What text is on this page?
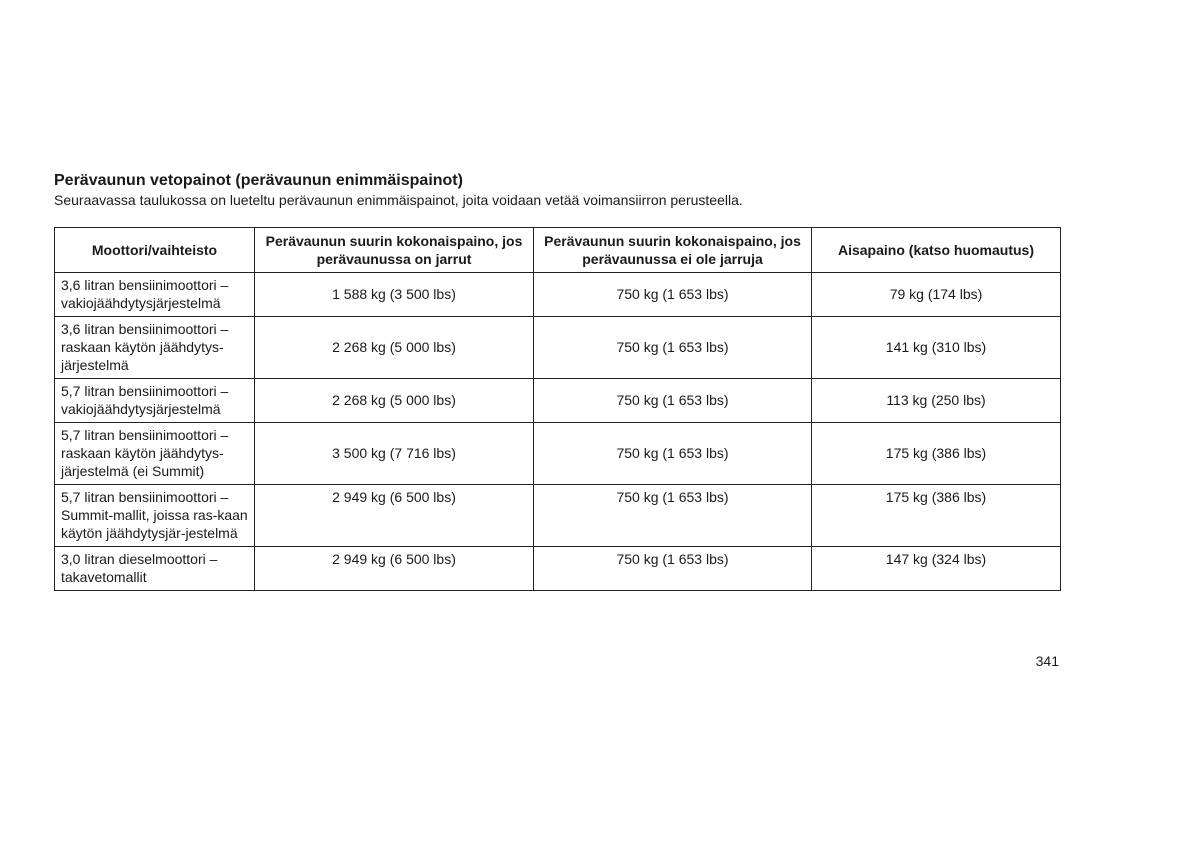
Perävaunun vetopainot (perävaunun enimmäispainot)

Seuraavassa taulukossa on lueteltu perävaunun enimmäispainot, joita voidaan vetää voimansiirron perusteella.

Moottori/vaihteisto	Perävaunun suurin kokonaispaino, jos perävaunussa on jarrut	Perävaunun suurin kokonaispaino, jos perävaunussa ei ole jarruja	Aisapaino (katso huomautus)
3,6 litran bensiinimoottori – vakiojäähdytysjärjestelmä	1 588 kg (3 500 lbs)	750 kg (1 653 lbs)	79 kg (174 lbs)
3,6 litran bensiinimoottori – raskaan käytön jäähdytys-järjestelmä	2 268 kg (5 000 lbs)	750 kg (1 653 lbs)	141 kg (310 lbs)
5,7 litran bensiinimoottori – vakiojäähdytysjärjestelmä	2 268 kg (5 000 lbs)	750 kg (1 653 lbs)	113 kg (250 lbs)
5,7 litran bensiinimoottori – raskaan käytön jäähdytys-järjestelmä (ei Summit)	3 500 kg (7 716 lbs)	750 kg (1 653 lbs)	175 kg (386 lbs)
5,7 litran bensiinimoottori – Summit-mallit, joissa ras-kaan käytön jäähdytysjär-jestelmä	2 949 kg (6 500 lbs)	750 kg (1 653 lbs)	175 kg (386 lbs)
3,0 litran dieselmoottori – takavetomallit	2 949 kg (6 500 lbs)	750 kg (1 653 lbs)	147 kg (324 lbs)
341
